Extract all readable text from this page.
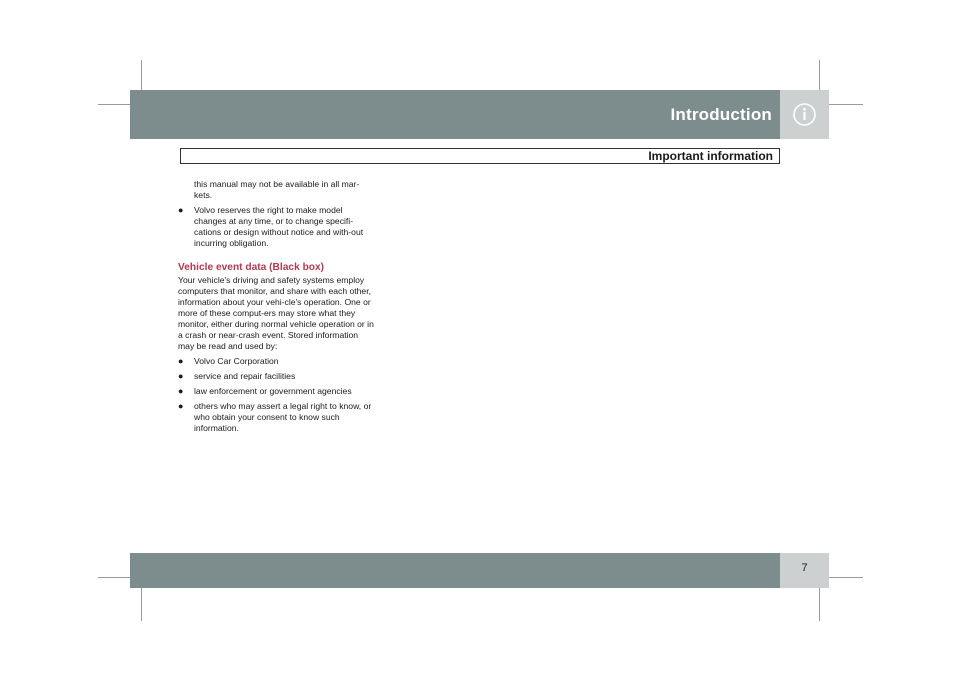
Introduction
Important information

this manual may not be available in all mar-kets.

● Volvo reserves the right to make model changes at any time, or to change specifi-cations or design without notice and with-out incurring obligation.
Vehicle event data (Black box)

Your vehicle's driving and safety systems employ computers that monitor, and share with each other, information about your vehi-cle's operation. One or more of these comput-ers may store what they monitor, either during normal vehicle operation or in a crash or near-crash event. Stored information may be read and used by:

● Volvo Car Corporation
● service and repair facilities
● law enforcement or government agencies
● others who may assert a legal right to know, or who obtain your consent to know such information.
7
